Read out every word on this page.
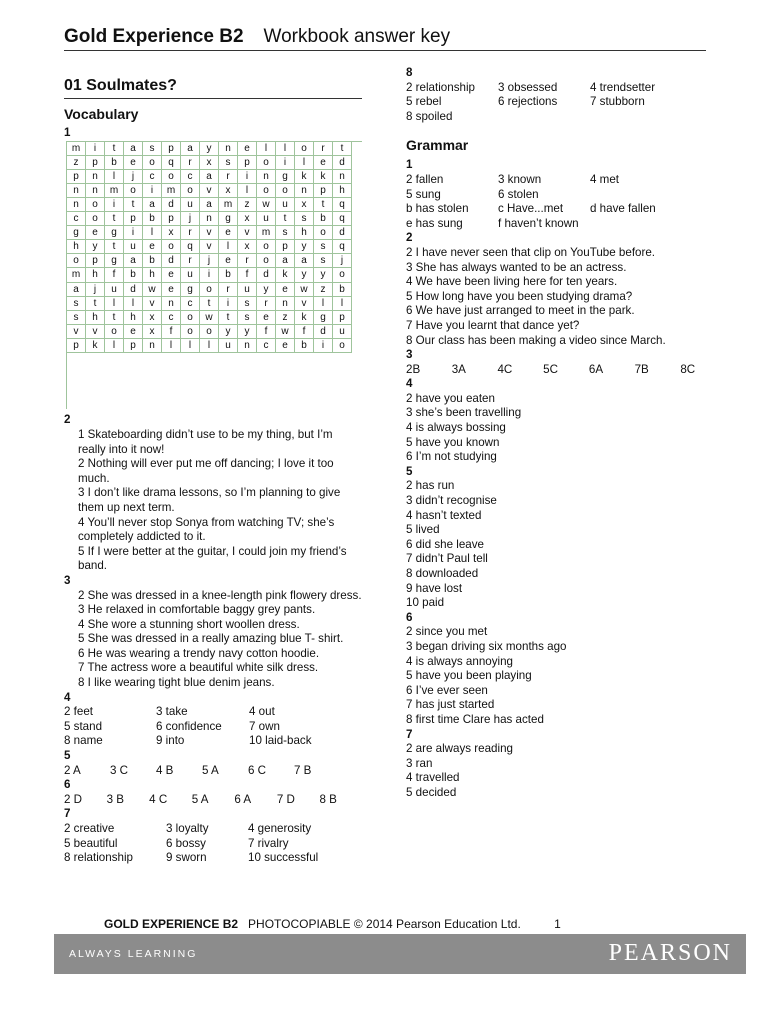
Gold Experience B2 Workbook answer key
01 Soulmates?
Vocabulary
1
m	i	t	a	s	p	a	y	n	e	l	l	o	r	t
z	p	b	e	o	q	r	x	s	p	o	i	l	e	d
p	n	l	j	c	o	c	a	r	i	n	g	k	k	n
n	n	m	o	i	m	o	v	x	l	o	o	n	p	h
n	o	i	t	a	d	u	a	m	z	w	u	x	t	q
c	o	t	p	b	p	j	n	g	x	u	t	s	b	q
g	e	g	i	l	x	r	v	e	v	m	s	h	o	d
h	y	t	u	e	o	q	v	l	x	o	p	y	s	q
o	p	g	a	b	d	r	j	e	r	o	a	a	s	j
m	h	f	b	h	e	u	i	b	f	d	k	y	y	o
a	j	u	d	w	e	g	o	r	u	y	e	w	z	b
s	t	l	l	v	n	c	t	i	s	r	n	v	l	l
s	h	t	h	x	c	o	w	t	s	e	z	k	g	p
v	v	o	e	x	f	o	o	y	y	f	w	f	d	u
p	k	l	p	n	l	l	l	u	n	c	e	b	i	o
2
1 Skateboarding didn’t use to be my thing, but I’m really into it now!
2 Nothing will ever put me off dancing; I love it too much.
3 I don’t like drama lessons, so I’m planning to give them up next term.
4 You’ll never stop Sonya from watching TV; she’s completely addicted to it.
5 If I were better at the guitar, I could join my friend’s band.
3
2 She was dressed in a knee-length pink flowery dress.
3 He relaxed in comfortable baggy grey pants.
4 She wore a stunning short woollen dress.
5 She was dressed in a really amazing blue T- shirt.
6 He was wearing a trendy navy cotton hoodie.
7 The actress wore a beautiful white silk dress.
8 I like wearing tight blue denim jeans.
4
2 feet	3 take	4 out
5 stand	6 confidence	7 own
8 name	9 into	10 laid-back
5
2 A	3 C	4 B	5 A	6 C	7 B
6
2 D	3 B	4 C	5 A	6 A	7 D	8 B
7
2 creative	3 loyalty	4 generosity
5 beautiful	6 bossy	7 rivalry
8 relationship	9 sworn	10 successful
8
2 relationship	3 obsessed	4 trendsetter
5 rebel	6 rejections	7 stubborn
8 spoiled
Grammar
1
2 fallen	3 known	4 met
5 sung	6 stolen
b has stolen	c Have...met	d have fallen
e has sung	f haven’t known
2
2 I have never seen that clip on YouTube before.
3 She has always wanted to be an actress.
4 We have been living here for ten years.
5 How long have you been studying drama?
6 We have just arranged to meet in the park.
7 Have you learnt that dance yet?
8 Our class has been making a video since March.
3
2B	3A	4C	5C	6A	7B	8C
4
2 have you eaten
3 she’s been travelling
4 is always bossing
5 have you known
6 I’m not studying
5
2 has run
3 didn’t recognise
4 hasn’t texted
5 lived
6 did she leave
7 didn’t Paul tell
8 downloaded
9 have lost
10 paid
6
2 since you met
3 began driving six months ago
4 is always annoying
5 have you been playing
6 I’ve ever seen
7 has just started
8 first time Clare has acted
7
2 are always reading
3 ran
4 travelled
5 decided
GOLD EXPERIENCE B2 PHOTOCOPIABLE © 2014 Pearson Education Ltd.	1
ALWAYS LEARNING	PEARSON
